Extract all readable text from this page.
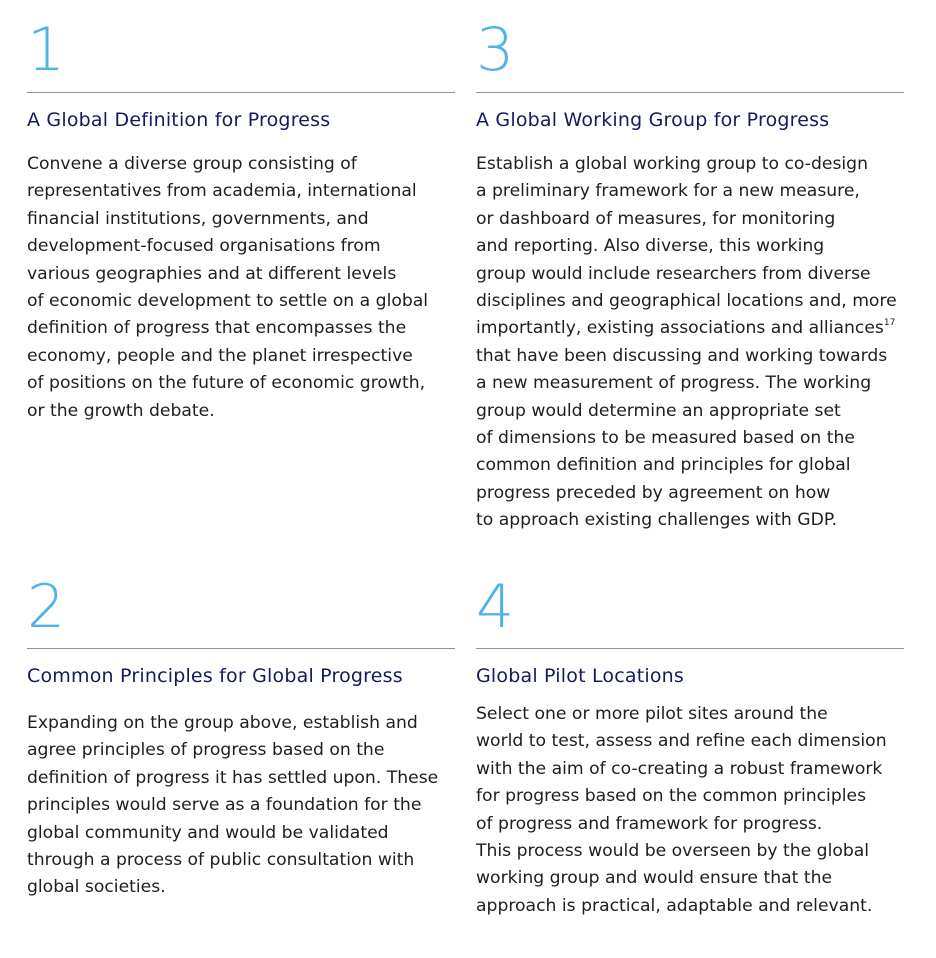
1
A Global Definition for Progress
Convene a diverse group consisting of
representatives from academia, international
financial institutions, governments, and
development-focused organisations from
various geographies and at different levels
of economic development to settle on a global
definition of progress that encompasses the
economy, people and the planet irrespective
of positions on the future of economic growth,
or the growth debate.
2
Common Principles for Global Progress
Expanding on the group above, establish and
agree principles of progress based on the
definition of progress it has settled upon. These
principles would serve as a foundation for the
global community and would be validated
through a process of public consultation with
global societies.
3
A Global Working Group for Progress
Establish a global working group to co-design
a preliminary framework for a new measure,
or dashboard of measures, for monitoring
and reporting. Also diverse, this working
group would include researchers from diverse
disciplines and geographical locations and, more
importantly, existing associations and alliances$^{17}$
that have been discussing and working towards
a new measurement of progress. The working
group would determine an appropriate set
of dimensions to be measured based on the
common definition and principles for global
progress preceded by agreement on how
to approach existing challenges with GDP.
4
Global Pilot Locations
Select one or more pilot sites around the
world to test, assess and refine each dimension
with the aim of co-creating a robust framework
for progress based on the common principles
of progress and framework for progress.
This process would be overseen by the global
working group and would ensure that the
approach is practical, adaptable and relevant.
